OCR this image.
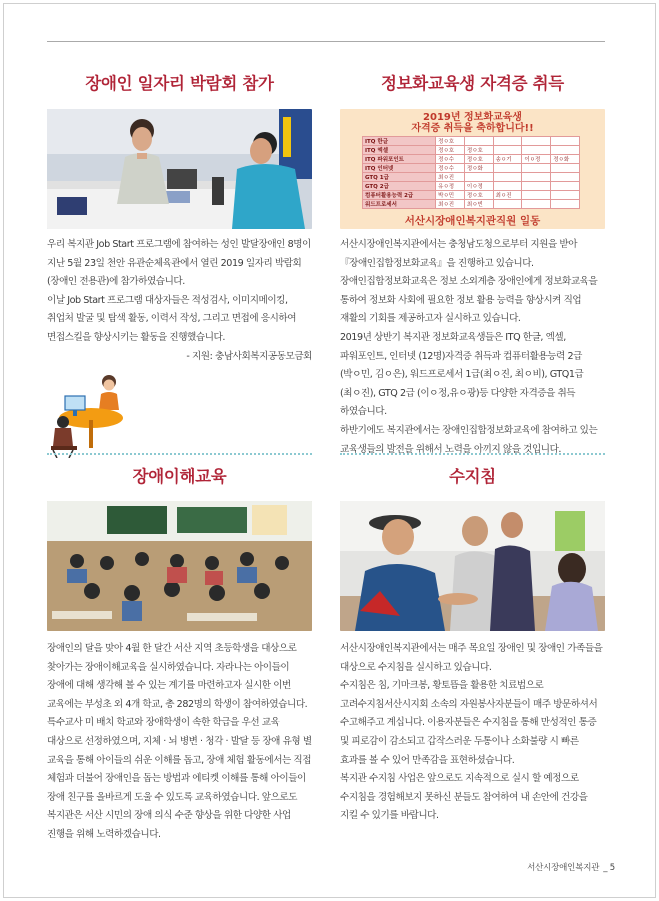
장애인 일자리 박람회 참가

우리 복지관 Job Start 프로그램에 참여하는 성인 발달장애인 8명이 지난 5월 23일 천안 유관순체육관에서 열린 2019 일자리 박람회(장애인 전용관)에 참가하였습니다.

이날 Job Start 프로그램 대상자들은 적성검사, 이미지메이킹, 취업처 발굴 및 탐색 활동, 이력서 작성, 그리고 면접에 응시하여 면접스킬을 향상시키는 활동을 진행했습니다.

- 지원: 충남사회복지공동모금회
정보화교육생 자격증 취득
2019년 정보화교육생
자격증 취득을 축하합니다!!
ITQ 한글	정ㅇ호				
ITQ 엑셀	정ㅇ호	정ㅇ호			
ITQ 파워포인트	정ㅇ수	정ㅇ호	송ㅇ기	이ㅇ정	정ㅇ화
ITQ 인터넷	정ㅇ수	정ㅇ화			
GTQ 1급	최ㅇ진				
GTQ 2급	유ㅇ정	이ㅇ정			
컴퓨터활용능력 2급	박ㅇ민	정ㅇ호	최ㅇ진		
워드프로세서	최ㅇ진	최ㅇ빈			
서산시장애인복지관직원 일동

서산시장애인복지관에서는 충청남도청으로부터 지원을 받아 『장애인집합정보화교육』을 진행하고 있습니다. 장애인집합정보화교육은 정보 소외계층 장애인에게 정보화교육을 통하여 정보화 사회에 필요한 정보 활용 능력을 향상시켜 직업 재활의 기회를 제공하고자 실시하고 있습니다.

2019년 상반기 복지관 정보화교육생들은 ITQ 한글, 엑셀, 파워포인트, 인터넷 (12명)자격증 취득과 컴퓨터활용능력 2급(박ㅇ민, 김ㅇ은), 워드프로세서 1급(최ㅇ진, 최ㅇ비), GTQ1급 (최ㅇ진), GTQ 2급 (이ㅇ정,유ㅇ광)등 다양한 자격증을 취득 하였습니다.

하반기에도 복지관에서는 장애인집합정보화교육에 참여하고 있는 교육생들의 발전을 위해서 노력을 아끼지 않을 것입니다.

장애이해교육

장애인의 달을 맞아 4월 한 달간 서산 지역 초등학생을 대상으로 찾아가는 장애이해교육을 실시하였습니다. 자라나는 아이들이 장애에 대해 생각해 볼 수 있는 계기를 마련하고자 실시한 이번 교육에는 부성초 외 4개 학교, 총 282명의 학생이 참여하였습니다. 특수교사 미 배치 학교와 장애학생이 속한 학급을 우선 교육 대상으로 선정하였으며, 지체 · 뇌 병변 · 청각 · 발달 등 장애 유형 별 교육을 통해 아이들의 쉬운 이해를 돕고, 장애 체험 활동에서는 직접 체험과 더불어 장애인을 돕는 방법과 에티켓 이해를 통해 아이들이 장애 친구를 올바르게 도울 수 있도록 교육하였습니다. 앞으로도 복지관은 서산 시민의 장애 의식 수준 향상을 위한 다양한 사업 진행을 위해 노력하겠습니다.

수지침

서산시장애인복지관에서는 매주 목요일 장애인 및 장애인 가족들을 대상으로 수지침을 실시하고 있습니다.

수지침은 침, 기마크봉, 황토뜸을 활용한 치료법으로 고려수지침서산시지회 소속의 자원봉사자분들이 매주 방문하셔서 수고해주고 계십니다. 이용자분들은 수지침을 통해 만성적인 통증 및 피로감이 감소되고 갑작스러운 두통이나 소화불량 시 빠른 효과를 볼 수 있어 만족감을 표현하셨습니다.

복지관 수지침 사업은 앞으로도 지속적으로 실시 할 예정으로 수지침을 경험해보지 못하신 분들도 참여하여 내 손안에 건강을 지킬 수 있기를 바랍니다.

서산시장애인복지관 _ 5
